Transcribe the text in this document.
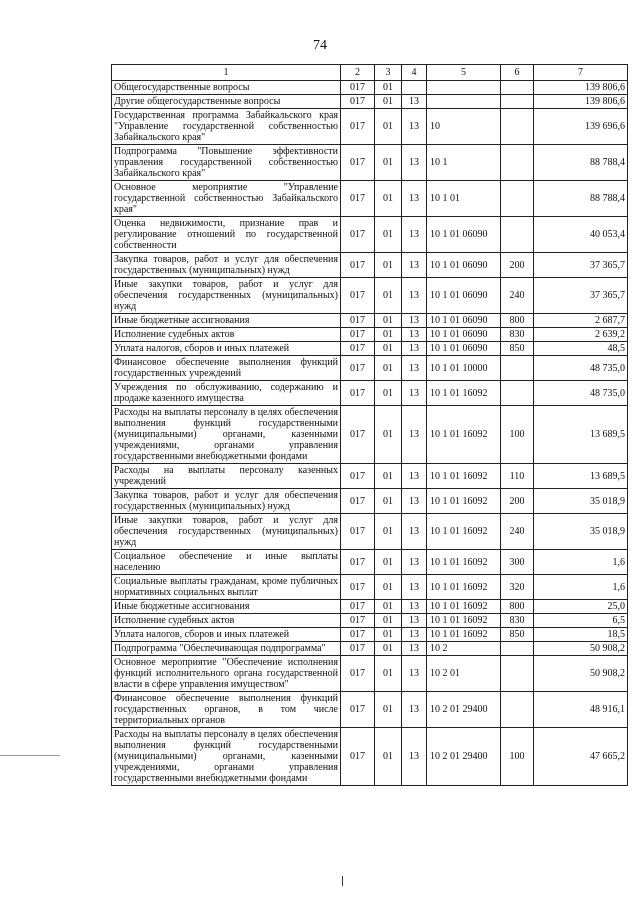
74
1	2	3	4	5	6	7
Общегосударственные вопросы	017	01				139 806,6
Другие общегосударственные вопросы	017	01	13			139 806,6
Государственная программа Забайкальского края "Управление государственной собственностью Забайкальского края"	017	01	13	10		139 696,6
Подпрограмма "Повышение эффективности управления государственной собственностью Забайкальского края"	017	01	13	10 1		88 788,4
Основное мероприятие "Управление государственной собственностью Забайкальского края"	017	01	13	10 1 01		88 788,4
Оценка недвижимости, признание прав и регулирование отношений по государственной собственности	017	01	13	10 1 01 06090		40 053,4
Закупка товаров, работ и услуг для обеспечения государственных (муниципальных) нужд	017	01	13	10 1 01 06090	200	37 365,7
Иные закупки товаров, работ и услуг для обеспечения государственных (муниципальных) нужд	017	01	13	10 1 01 06090	240	37 365,7
Иные бюджетные ассигнования	017	01	13	10 1 01 06090	800	2 687,7
Исполнение судебных актов	017	01	13	10 1 01 06090	830	2 639,2
Уплата налогов, сборов и иных платежей	017	01	13	10 1 01 06090	850	48,5
Финансовое обеспечение выполнения функций государственных учреждений	017	01	13	10 1 01 10000		48 735,0
Учреждения по обслуживанию, содержанию и продаже казенного имущества	017	01	13	10 1 01 16092		48 735,0
Расходы на выплаты персоналу в целях обеспечения выполнения функций государственными (муниципальными) органами, казенными учреждениями, органами управления государственными внебюджетными фондами	017	01	13	10 1 01 16092	100	13 689,5
Расходы на выплаты персоналу казенных учреждений	017	01	13	10 1 01 16092	110	13 689,5
Закупка товаров, работ и услуг для обеспечения государственных (муниципальных) нужд	017	01	13	10 1 01 16092	200	35 018,9
Иные закупки товаров, работ и услуг для обеспечения государственных (муниципальных) нужд	017	01	13	10 1 01 16092	240	35 018,9
Социальное обеспечение и иные выплаты населению	017	01	13	10 1 01 16092	300	1,6
Социальные выплаты гражданам, кроме публичных нормативных социальных выплат	017	01	13	10 1 01 16092	320	1,6
Иные бюджетные ассигнования	017	01	13	10 1 01 16092	800	25,0
Исполнение судебных актов	017	01	13	10 1 01 16092	830	6,5
Уплата налогов, сборов и иных платежей	017	01	13	10 1 01 16092	850	18,5
Подпрограмма "Обеспечивающая подпрограмма"	017	01	13	10 2		50 908,2
Основное мероприятие "Обеспечение исполнения функций исполнительного органа государственной власти в сфере управления имуществом"	017	01	13	10 2 01		50 908,2
Финансовое обеспечение выполнения функций государственных органов, в том числе территориальных органов	017	01	13	10 2 01 29400		48 916,1
Расходы на выплаты персоналу в целях обеспечения выполнения функций государственными (муниципальными) органами, казенными учреждениями, органами управления государственными внебюджетными фондами	017	01	13	10 2 01 29400	100	47 665,2
